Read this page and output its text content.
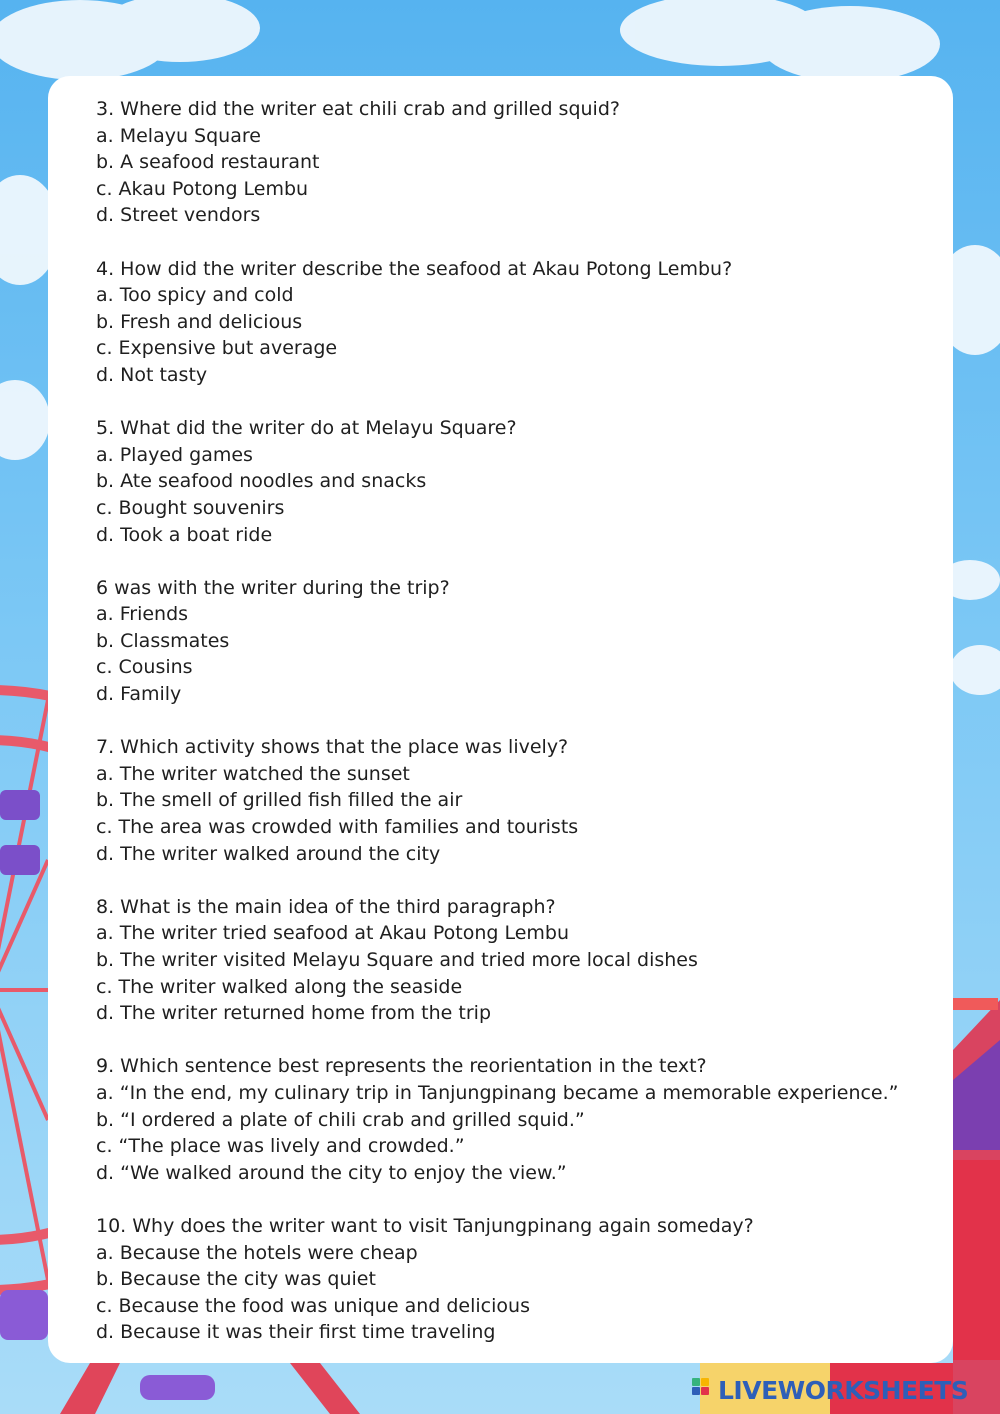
3. Where did the writer eat chili crab and grilled squid?
a. Melayu Square
b. A seafood restaurant
c. Akau Potong Lembu
d. Street vendors
4. How did the writer describe the seafood at Akau Potong Lembu?
a. Too spicy and cold
b. Fresh and delicious
c. Expensive but average
d. Not tasty
5. What did the writer do at Melayu Square?
a. Played games
b. Ate seafood noodles and snacks
c. Bought souvenirs
d. Took a boat ride
6 was with the writer during the trip?
a. Friends
b. Classmates
c. Cousins
d. Family
7. Which activity shows that the place was lively?
a. The writer watched the sunset
b. The smell of grilled fish filled the air
c. The area was crowded with families and tourists
d. The writer walked around the city
8. What is the main idea of the third paragraph?
a. The writer tried seafood at Akau Potong Lembu
b. The writer visited Melayu Square and tried more local dishes
c. The writer walked along the seaside
d. The writer returned home from the trip
9. Which sentence best represents the reorientation in the text?
a. “In the end, my culinary trip in Tanjungpinang became a memorable experience.”
b. “I ordered a plate of chili crab and grilled squid.”
c. “The place was lively and crowded.”
d. “We walked around the city to enjoy the view.”
10. Why does the writer want to visit Tanjungpinang again someday?
a. Because the hotels were cheap
b. Because the city was quiet
c. Because the food was unique and delicious
d. Because it was their first time traveling
LIVEWORKSHEETS
